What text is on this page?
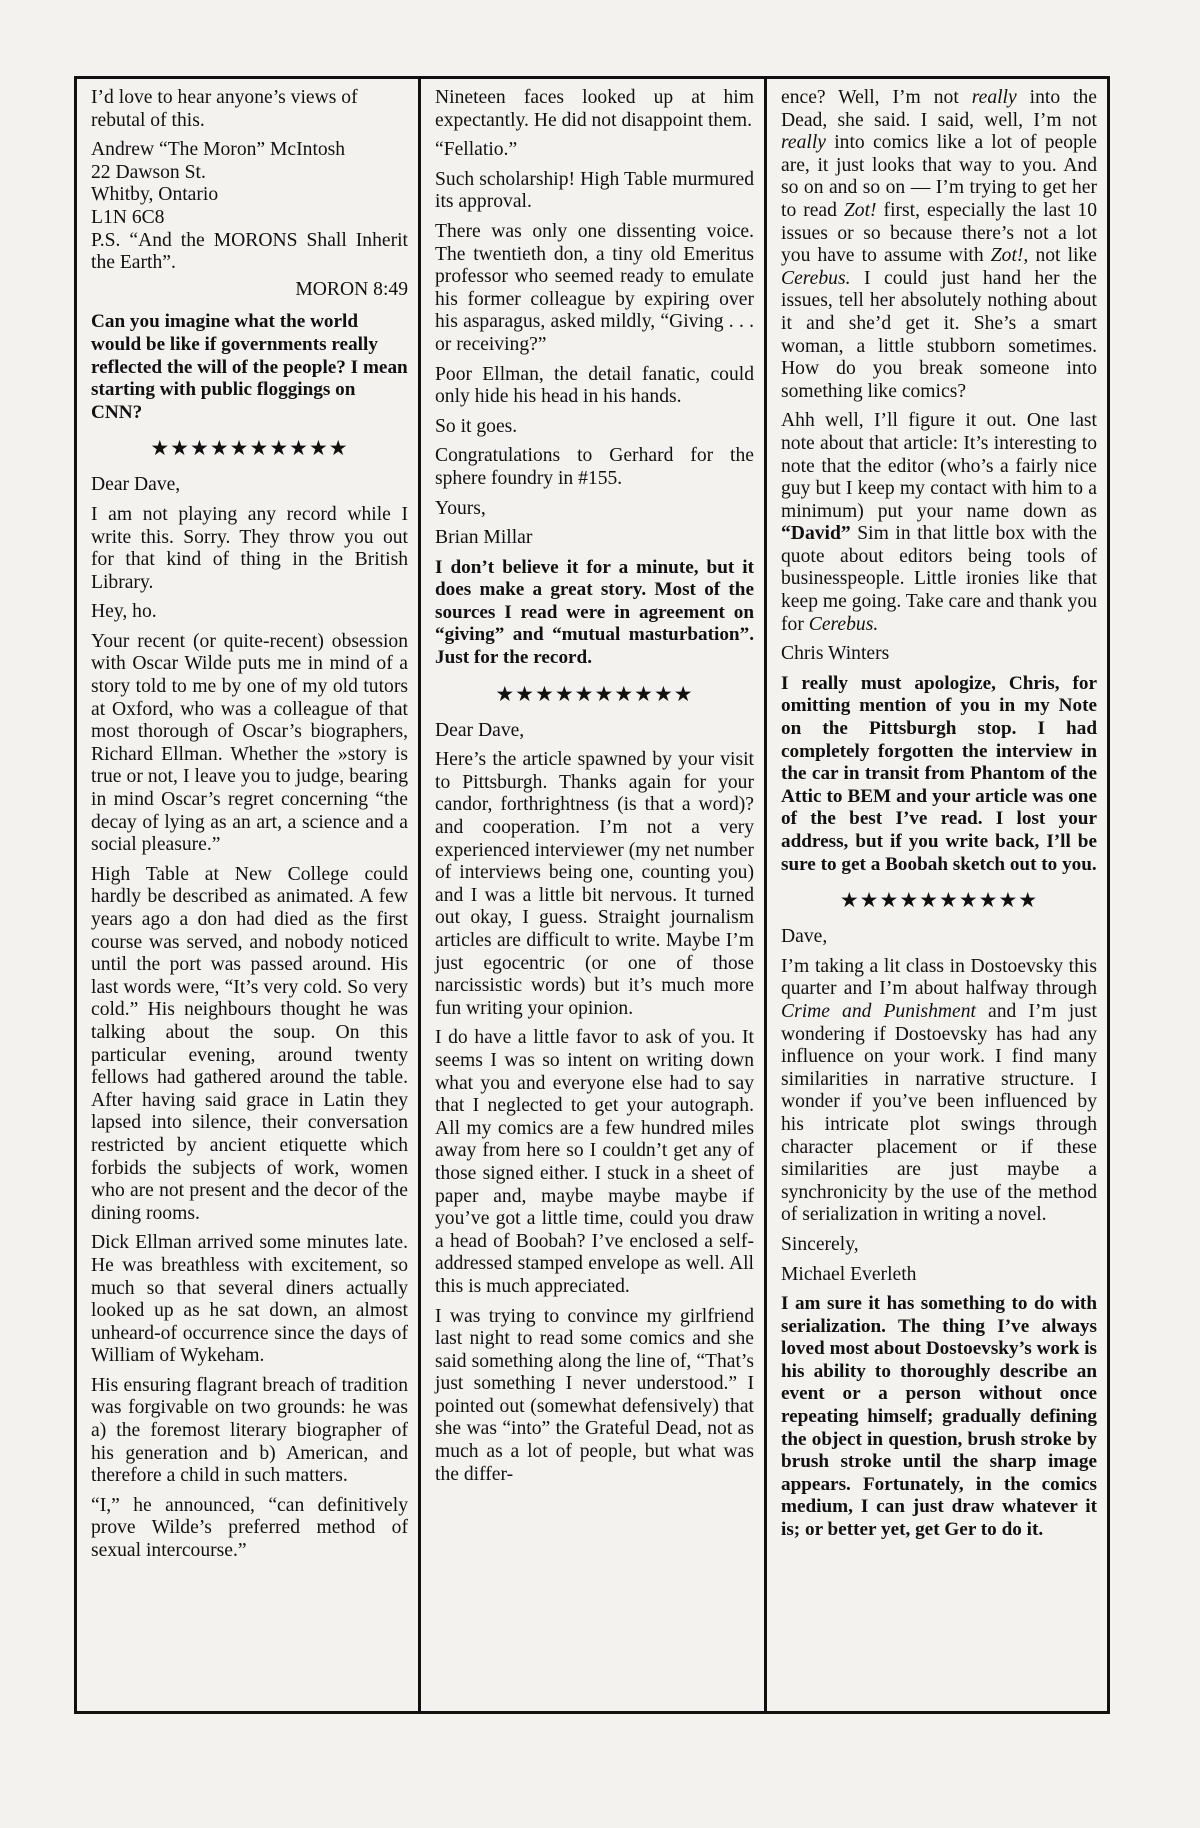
I’d love to hear anyone’s views of rebutal of this.

Andrew “The Moron” McIntosh

22 Dawson St.

Whitby, Ontario

L1N 6C8

P.S. “And the MORONS Shall Inherit the Earth”.

MORON 8:49

Can you imagine what the world would be like if governments really reflected the will of the people? I mean starting with public floggings on CNN?

★★★★★★★★★★

Dear Dave,

I am not playing any record while I write this. Sorry. They throw you out for that kind of thing in the British Library.

Hey, ho.

Your recent (or quite-recent) obsession with Oscar Wilde puts me in mind of a story told to me by one of my old tutors at Oxford, who was a colleague of that most thorough of Oscar’s biographers, Richard Ellman. Whether the »story is true or not, I leave you to judge, bearing in mind Oscar’s regret concerning “the decay of lying as an art, a science and a social pleasure.”

High Table at New College could hardly be described as animated. A few years ago a don had died as the first course was served, and nobody noticed until the port was passed around. His last words were, “It’s very cold. So very cold.” His neighbours thought he was talking about the soup. On this particular evening, around twenty fellows had gathered around the table. After having said grace in Latin they lapsed into silence, their conversation restricted by ancient etiquette which forbids the subjects of work, women who are not present and the decor of the dining rooms.

Dick Ellman arrived some minutes late. He was breathless with excitement, so much so that several diners actually looked up as he sat down, an almost unheard-of occurrence since the days of William of Wykeham.

His ensuring flagrant breach of tradition was forgivable on two grounds: he was a) the foremost literary biographer of his generation and b) American, and therefore a child in such matters.

“I,” he announced, “can definitively prove Wilde’s preferred method of sexual intercourse.”

Nineteen faces looked up at him expectantly. He did not disappoint them.

“Fellatio.”

Such scholarship! High Table murmured its approval.

There was only one dissenting voice. The twentieth don, a tiny old Emeritus professor who seemed ready to emulate his former colleague by expiring over his asparagus, asked mildly, “Giving . . . or receiving?”

Poor Ellman, the detail fanatic, could only hide his head in his hands.

So it goes.

Congratulations to Gerhard for the sphere foundry in #155.

Yours,

Brian Millar

I don’t believe it for a minute, but it does make a great story. Most of the sources I read were in agreement on “giving” and “mutual masturbation”. Just for the record.

★★★★★★★★★★

Dear Dave,

Here’s the article spawned by your visit to Pittsburgh. Thanks again for your candor, forthrightness (is that a word)? and cooperation. I’m not a very experienced interviewer (my net number of interviews being one, counting you) and I was a little bit nervous. It turned out okay, I guess. Straight journalism articles are difficult to write. Maybe I’m just egocentric (or one of those narcissistic words) but it’s much more fun writing your opinion.

I do have a little favor to ask of you. It seems I was so intent on writing down what you and everyone else had to say that I neglected to get your autograph. All my comics are a few hundred miles away from here so I couldn’t get any of those signed either. I stuck in a sheet of paper and, maybe maybe maybe if you’ve got a little time, could you draw a head of Boobah? I’ve enclosed a self-addressed stamped envelope as well. All this is much appreciated.

I was trying to convince my girlfriend last night to read some comics and she said something along the line of, “That’s just something I never understood.” I pointed out (somewhat defensively) that she was “into” the Grateful Dead, not as much as a lot of people, but what was the differ-

ence? Well, I’m not really into the Dead, she said. I said, well, I’m not really into comics like a lot of people are, it just looks that way to you. And so on and so on — I’m trying to get her to read Zot! first, especially the last 10 issues or so because there’s not a lot you have to assume with Zot!, not like Cerebus. I could just hand her the issues, tell her absolutely nothing about it and she’d get it. She’s a smart woman, a little stubborn sometimes. How do you break someone into something like comics?

Ahh well, I’ll figure it out. One last note about that article: It’s interesting to note that the editor (who’s a fairly nice guy but I keep my contact with him to a minimum) put your name down as “David” Sim in that little box with the quote about editors being tools of businesspeople. Little ironies like that keep me going. Take care and thank you for Cerebus.

Chris Winters

I really must apologize, Chris, for omitting mention of you in my Note on the Pittsburgh stop. I had completely forgotten the interview in the car in transit from Phantom of the Attic to BEM and your article was one of the best I’ve read. I lost your address, but if you write back, I’ll be sure to get a Boobah sketch out to you.

★★★★★★★★★★

Dave,

I’m taking a lit class in Dostoevsky this quarter and I’m about halfway through Crime and Punishment and I’m just wondering if Dostoevsky has had any influence on your work. I find many similarities in narrative structure. I wonder if you’ve been influenced by his intricate plot swings through character placement or if these similarities are just maybe a synchronicity by the use of the method of serialization in writing a novel.

Sincerely,

Michael Everleth

I am sure it has something to do with serialization. The thing I’ve always loved most about Dostoevsky’s work is his ability to thoroughly describe an event or a person without once repeating himself; gradually defining the object in question, brush stroke by brush stroke until the sharp image appears. Fortunately, in the comics medium, I can just draw whatever it is; or better yet, get Ger to do it.
